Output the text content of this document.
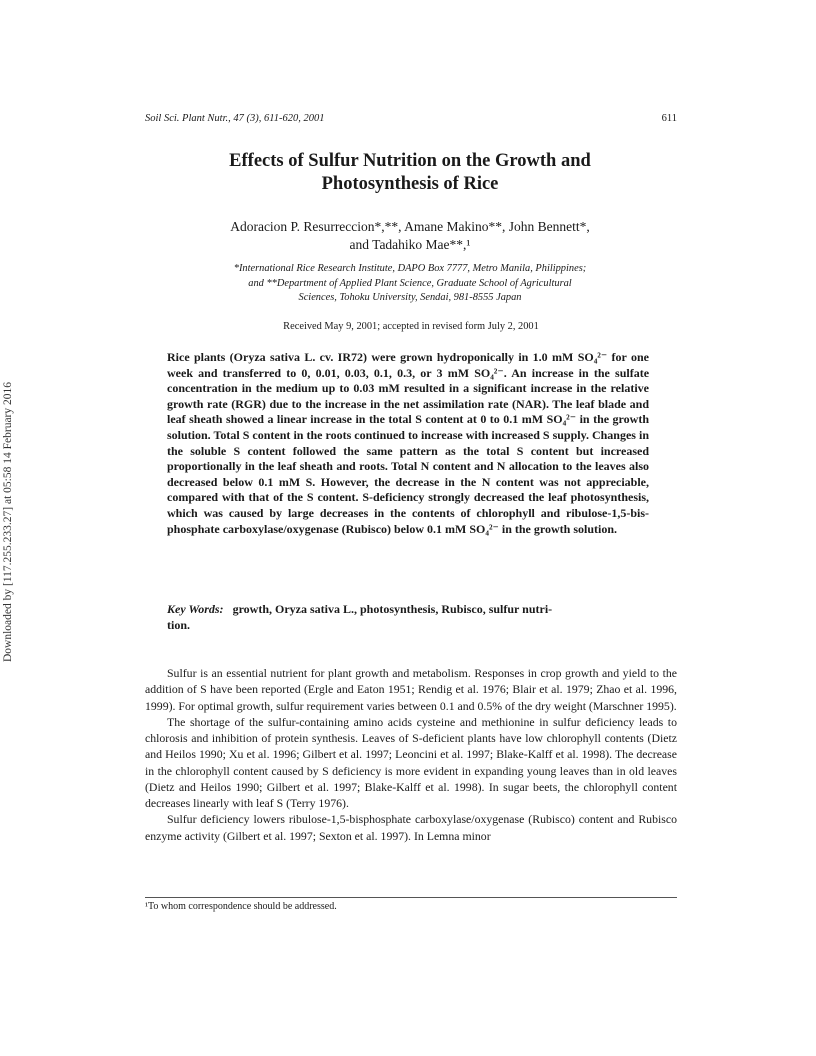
Downloaded by [117.255.233.27] at 05:58 14 February 2016
Soil Sci. Plant Nutr., 47 (3), 611-620, 2001	611
Effects of Sulfur Nutrition on the Growth and
Photosynthesis of Rice
Adoracion P. Resurreccion*,**, Amane Makino**, John Bennett*,
and Tadahiko Mae**,¹
*International Rice Research Institute, DAPO Box 7777, Metro Manila, Philippines;
and **Department of Applied Plant Science, Graduate School of Agricultural
Sciences, Tohoku University, Sendai, 981-8555 Japan
Received May 9, 2001; accepted in revised form July 2, 2001

Rice plants (Oryza sativa L. cv. IR72) were grown hydroponically in 1.0 mM SO₄²⁻ for one week and transferred to 0, 0.01, 0.03, 0.1, 0.3, or 3 mM SO₄²⁻. An increase in the sulfate concentration in the medium up to 0.03 mM resulted in a significant increase in the relative growth rate (RGR) due to the increase in the net assimilation rate (NAR). The leaf blade and leaf sheath showed a linear increase in the total S content at 0 to 0.1 mM SO₄²⁻ in the growth solution. Total S content in the roots continued to increase with increased S supply. Changes in the soluble S content followed the same pattern as the total S content but increased proportionally in the leaf sheath and roots. Total N content and N allocation to the leaves also decreased below 0.1 mM S. However, the decrease in the N content was not appreciable, compared with that of the S content. S-deficiency strongly decreased the leaf photosynthesis, which was caused by large decreases in the contents of chlorophyll and ribulose-1,5-bis- phosphate carboxylase/oxygenase (Rubisco) below 0.1 mM SO₄²⁻ in the growth solution.

Key Words: growth, Oryza sativa L., photosynthesis, Rubisco, sulfur nutri-
tion.

Sulfur is an essential nutrient for plant growth and metabolism. Responses in crop growth and yield to the addition of S have been reported (Ergle and Eaton 1951; Rendig et al. 1976; Blair et al. 1979; Zhao et al. 1996, 1999). For optimal growth, sulfur requirement varies between 0.1 and 0.5% of the dry weight (Marschner 1995).

The shortage of the sulfur-containing amino acids cysteine and methionine in sulfur deficiency leads to chlorosis and inhibition of protein synthesis. Leaves of S-deficient plants have low chlorophyll contents (Dietz and Heilos 1990; Xu et al. 1996; Gilbert et al. 1997; Leoncini et al. 1997; Blake-Kalff et al. 1998). The decrease in the chlorophyll content caused by S deficiency is more evident in expanding young leaves than in old leaves (Dietz and Heilos 1990; Gilbert et al. 1997; Blake-Kalff et al. 1998). In sugar beets, the chlorophyll content decreases linearly with leaf S (Terry 1976).

Sulfur deficiency lowers ribulose-1,5-bisphosphate carboxylase/oxygenase (Rubisco) content and Rubisco enzyme activity (Gilbert et al. 1997; Sexton et al. 1997). In Lemna minor

¹To whom correspondence should be addressed.
